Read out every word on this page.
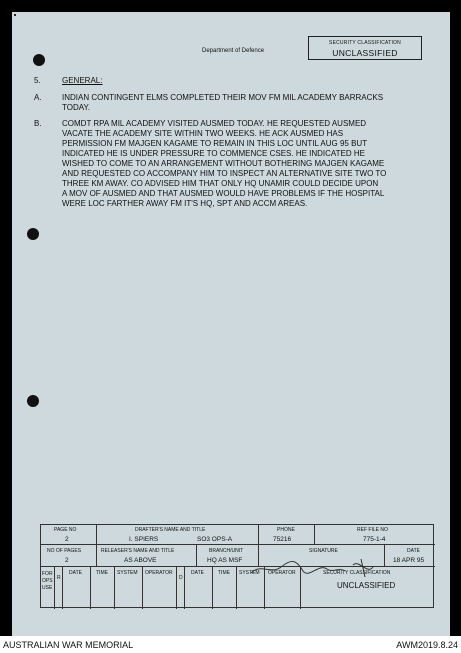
Department of Defence
SECURITY CLASSIFICATION
UNCLASSIFIED
5.	GENERAL:
A.	INDIAN CONTINGENT ELMS COMPLETED THEIR MOV FM MIL ACADEMY BARRACKS
TODAY.
B.	COMDT RPA MIL ACADEMY VISITED AUSMED TODAY. HE REQUESTED AUSMED
VACATE THE ACADEMY SITE WITHIN TWO WEEKS. HE ACK AUSMED HAS
PERMISSION FM MAJGEN KAGAME TO REMAIN IN THIS LOC UNTIL AUG 95 BUT
INDICATED HE IS UNDER PRESSURE TO COMMENCE CSES. HE INDICATED HE
WISHED TO COME TO AN ARRANGEMENT WITHOUT BOTHERING MAJGEN KAGAME
AND REQUESTED CO ACCOMPANY HIM TO INSPECT AN ALTERNATIVE SITE TWO TO
THREE KM AWAY. CO ADVISED HIM THAT ONLY HQ UNAMIR COULD DECIDE UPON
A MOV OF AUSMED AND THAT AUSMED WOULD HAVE PROBLEMS IF THE HOSPITAL
WERE LOC FARTHER AWAY FM IT'S HQ, SPT AND ACCM AREAS.
PAGE NO
2
DRAFTER'S NAME AND TITLE
I. SPIERS	SO3 OPS-A
PHONE
75216
REF FILE NO
775-1-4
NO OF PAGES
2
RELEASER'S NAME AND TITLE
AS ABOVE
BRANCH/UNIT
HQ AS MSF
SIGNATURE	DATE
18 APR 95
FOR
OPS
USE
R
DATE	TIME SYSTEM OPERATOR
D
DATE	TIME SYSTEM OPERATOR	SECURITY CLASSIFICATION
UNCLASSIFIED
AUSTRALIAN WAR MEMORIAL	AWM2019.8.24
